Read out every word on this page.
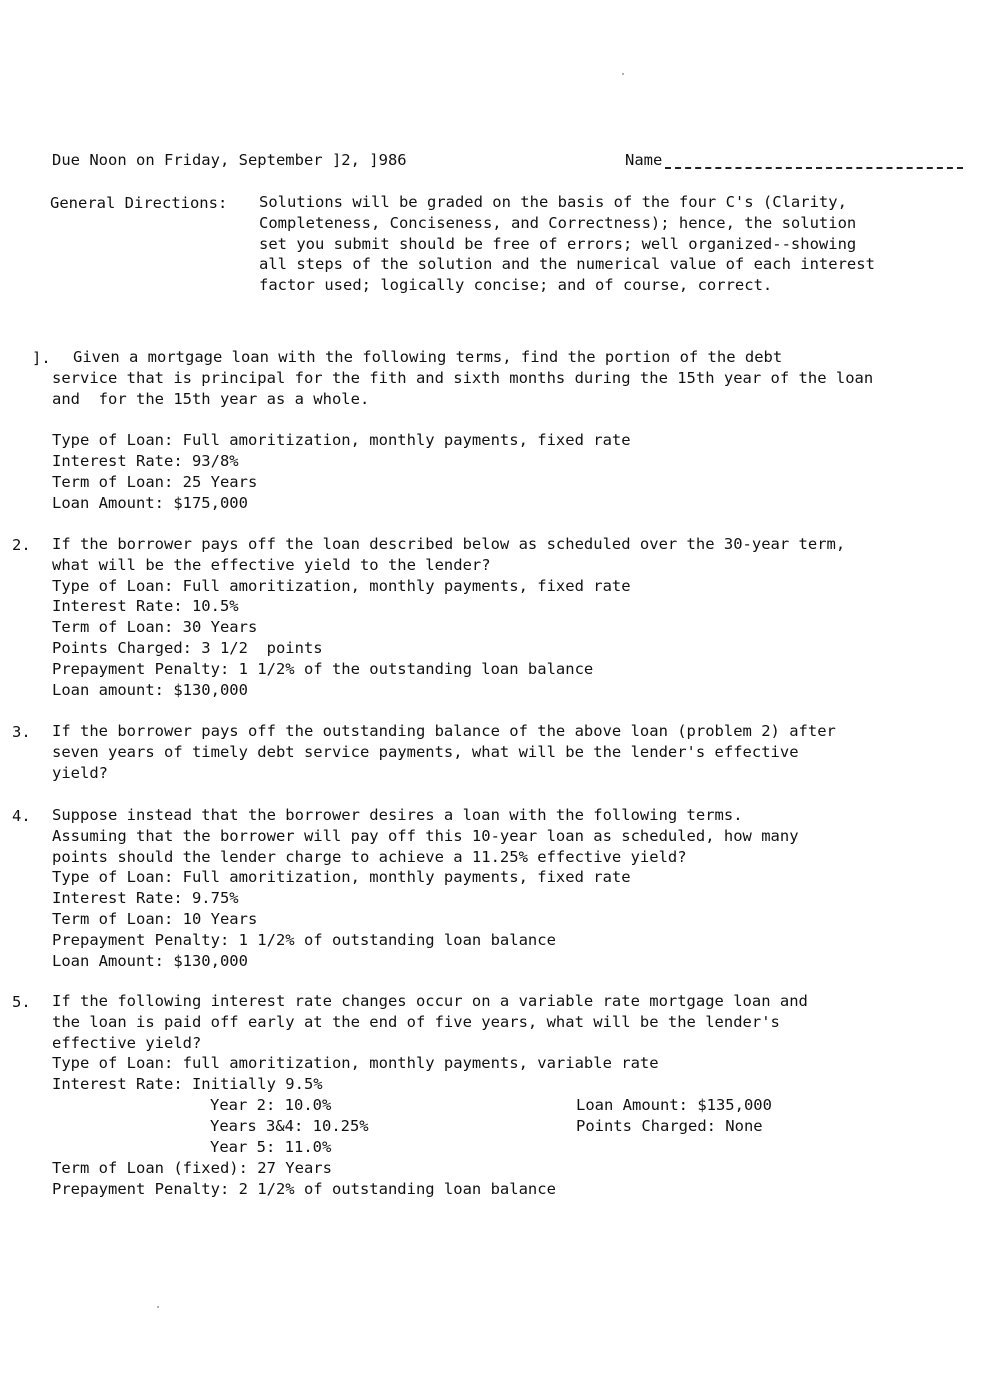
Due Noon on Friday, September ]2, ]986	Name
General Directions: Solutions will be graded on the basis of the four C's (Clarity,
Completeness, Conciseness, and Correctness); hence, the solution
set you submit should be free of errors; well organized--showing
all steps of the solution and the numerical value of each interest
factor used; logically concise; and of course, correct.
].	Given a mortgage loan with the following terms, find the portion of the debt
service that is principal for the fith and sixth months during the 15th year of the loan
and  for the 15th year as a whole.
Type of Loan: Full amoritization, monthly payments, fixed rate
Interest Rate: 93/8%
Term of Loan: 25 Years
Loan Amount: $175,000
2. If the borrower pays off the loan described below as scheduled over the 30-year term,
what will be the effective yield to the lender?
Type of Loan: Full amoritization, monthly payments, fixed rate
Interest Rate: 10.5%
Term of Loan: 30 Years
Points Charged: 3 1/2  points
Prepayment Penalty: 1 1/2% of the outstanding loan balance
Loan amount: $130,000
3. If the borrower pays off the outstanding balance of the above loan (problem 2) after
seven years of timely debt service payments, what will be the lender's effective
yield?
4. Suppose instead that the borrower desires a loan with the following terms.
Assuming that the borrower will pay off this 10-year loan as scheduled, how many
points should the lender charge to achieve a 11.25% effective yield?
Type of Loan: Full amoritization, monthly payments, fixed rate
Interest Rate: 9.75%
Term of Loan: 10 Years
Prepayment Penalty: 1 1/2% of outstanding loan balance
Loan Amount: $130,000
5. If the following interest rate changes occur on a variable rate mortgage loan and
the loan is paid off early at the end of five years, what will be the lender's
effective yield?
Type of Loan: full amoritization, monthly payments, variable rate
Interest Rate: Initially 9.5%
Year 2: 10.0%
Years 3&4: 10.25%
Year 5: 11.0%
Loan Amount: $135,000
Points Charged: None
Term of Loan (fixed): 27 Years
Prepayment Penalty: 2 1/2% of outstanding loan balance
